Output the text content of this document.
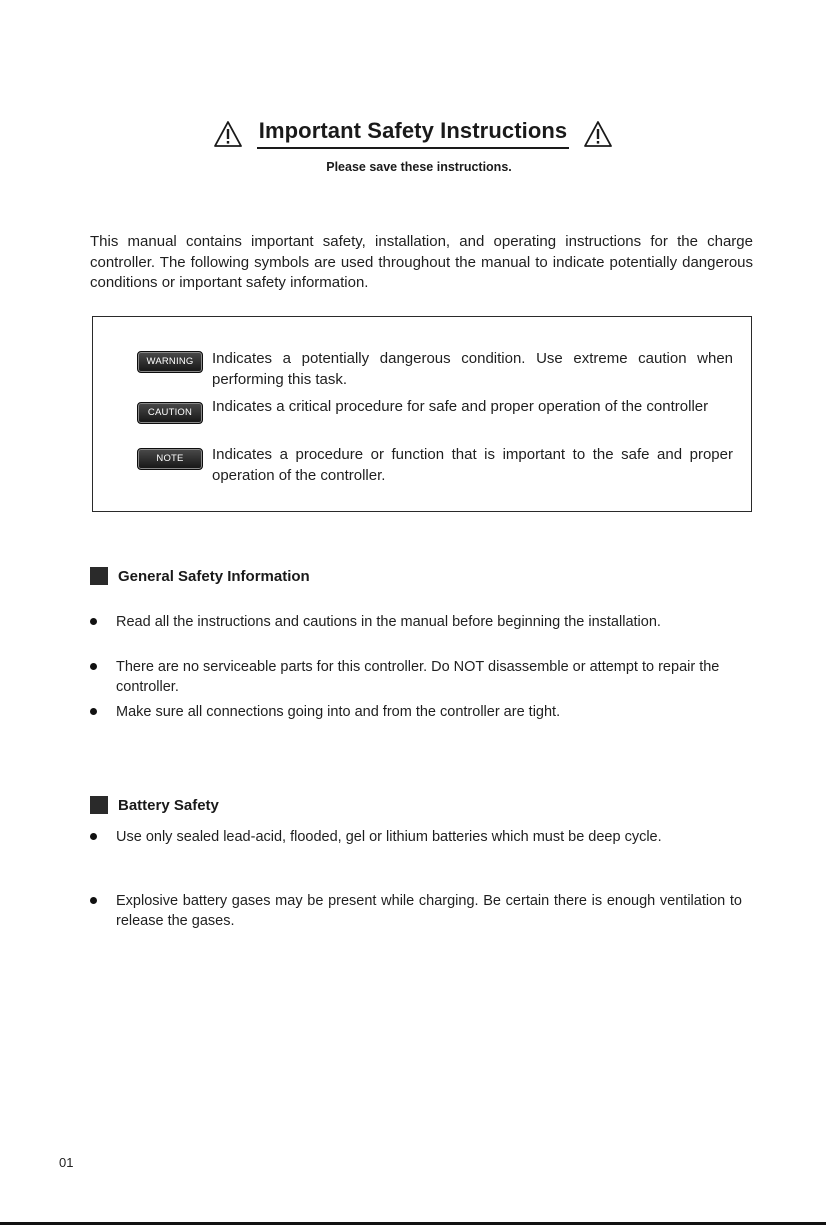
Important Safety Instructions
Please save these instructions.
This manual contains important safety, installation, and operating instructions for the charge controller. The following symbols are used throughout the manual to indicate potentially dangerous conditions or important safety information.
WARNING	Indicates a potentially dangerous condition. Use extreme caution when performing this task.
CAUTION	Indicates a critical procedure for safe and proper operation of the controller
NOTE	Indicates a procedure or function that is important to the safe and proper operation of the controller.
General Safety Information
Read all the instructions and cautions in the manual before beginning the installation.
There are no serviceable parts for this controller. Do NOT disassemble or attempt to repair the controller.
Make sure all connections going into and from the controller are tight.
Battery Safety
Use only sealed lead-acid, flooded, gel or lithium batteries which must be deep cycle.
Explosive battery gases may be present while charging. Be certain there is enough ventilation to release the gases.
01
